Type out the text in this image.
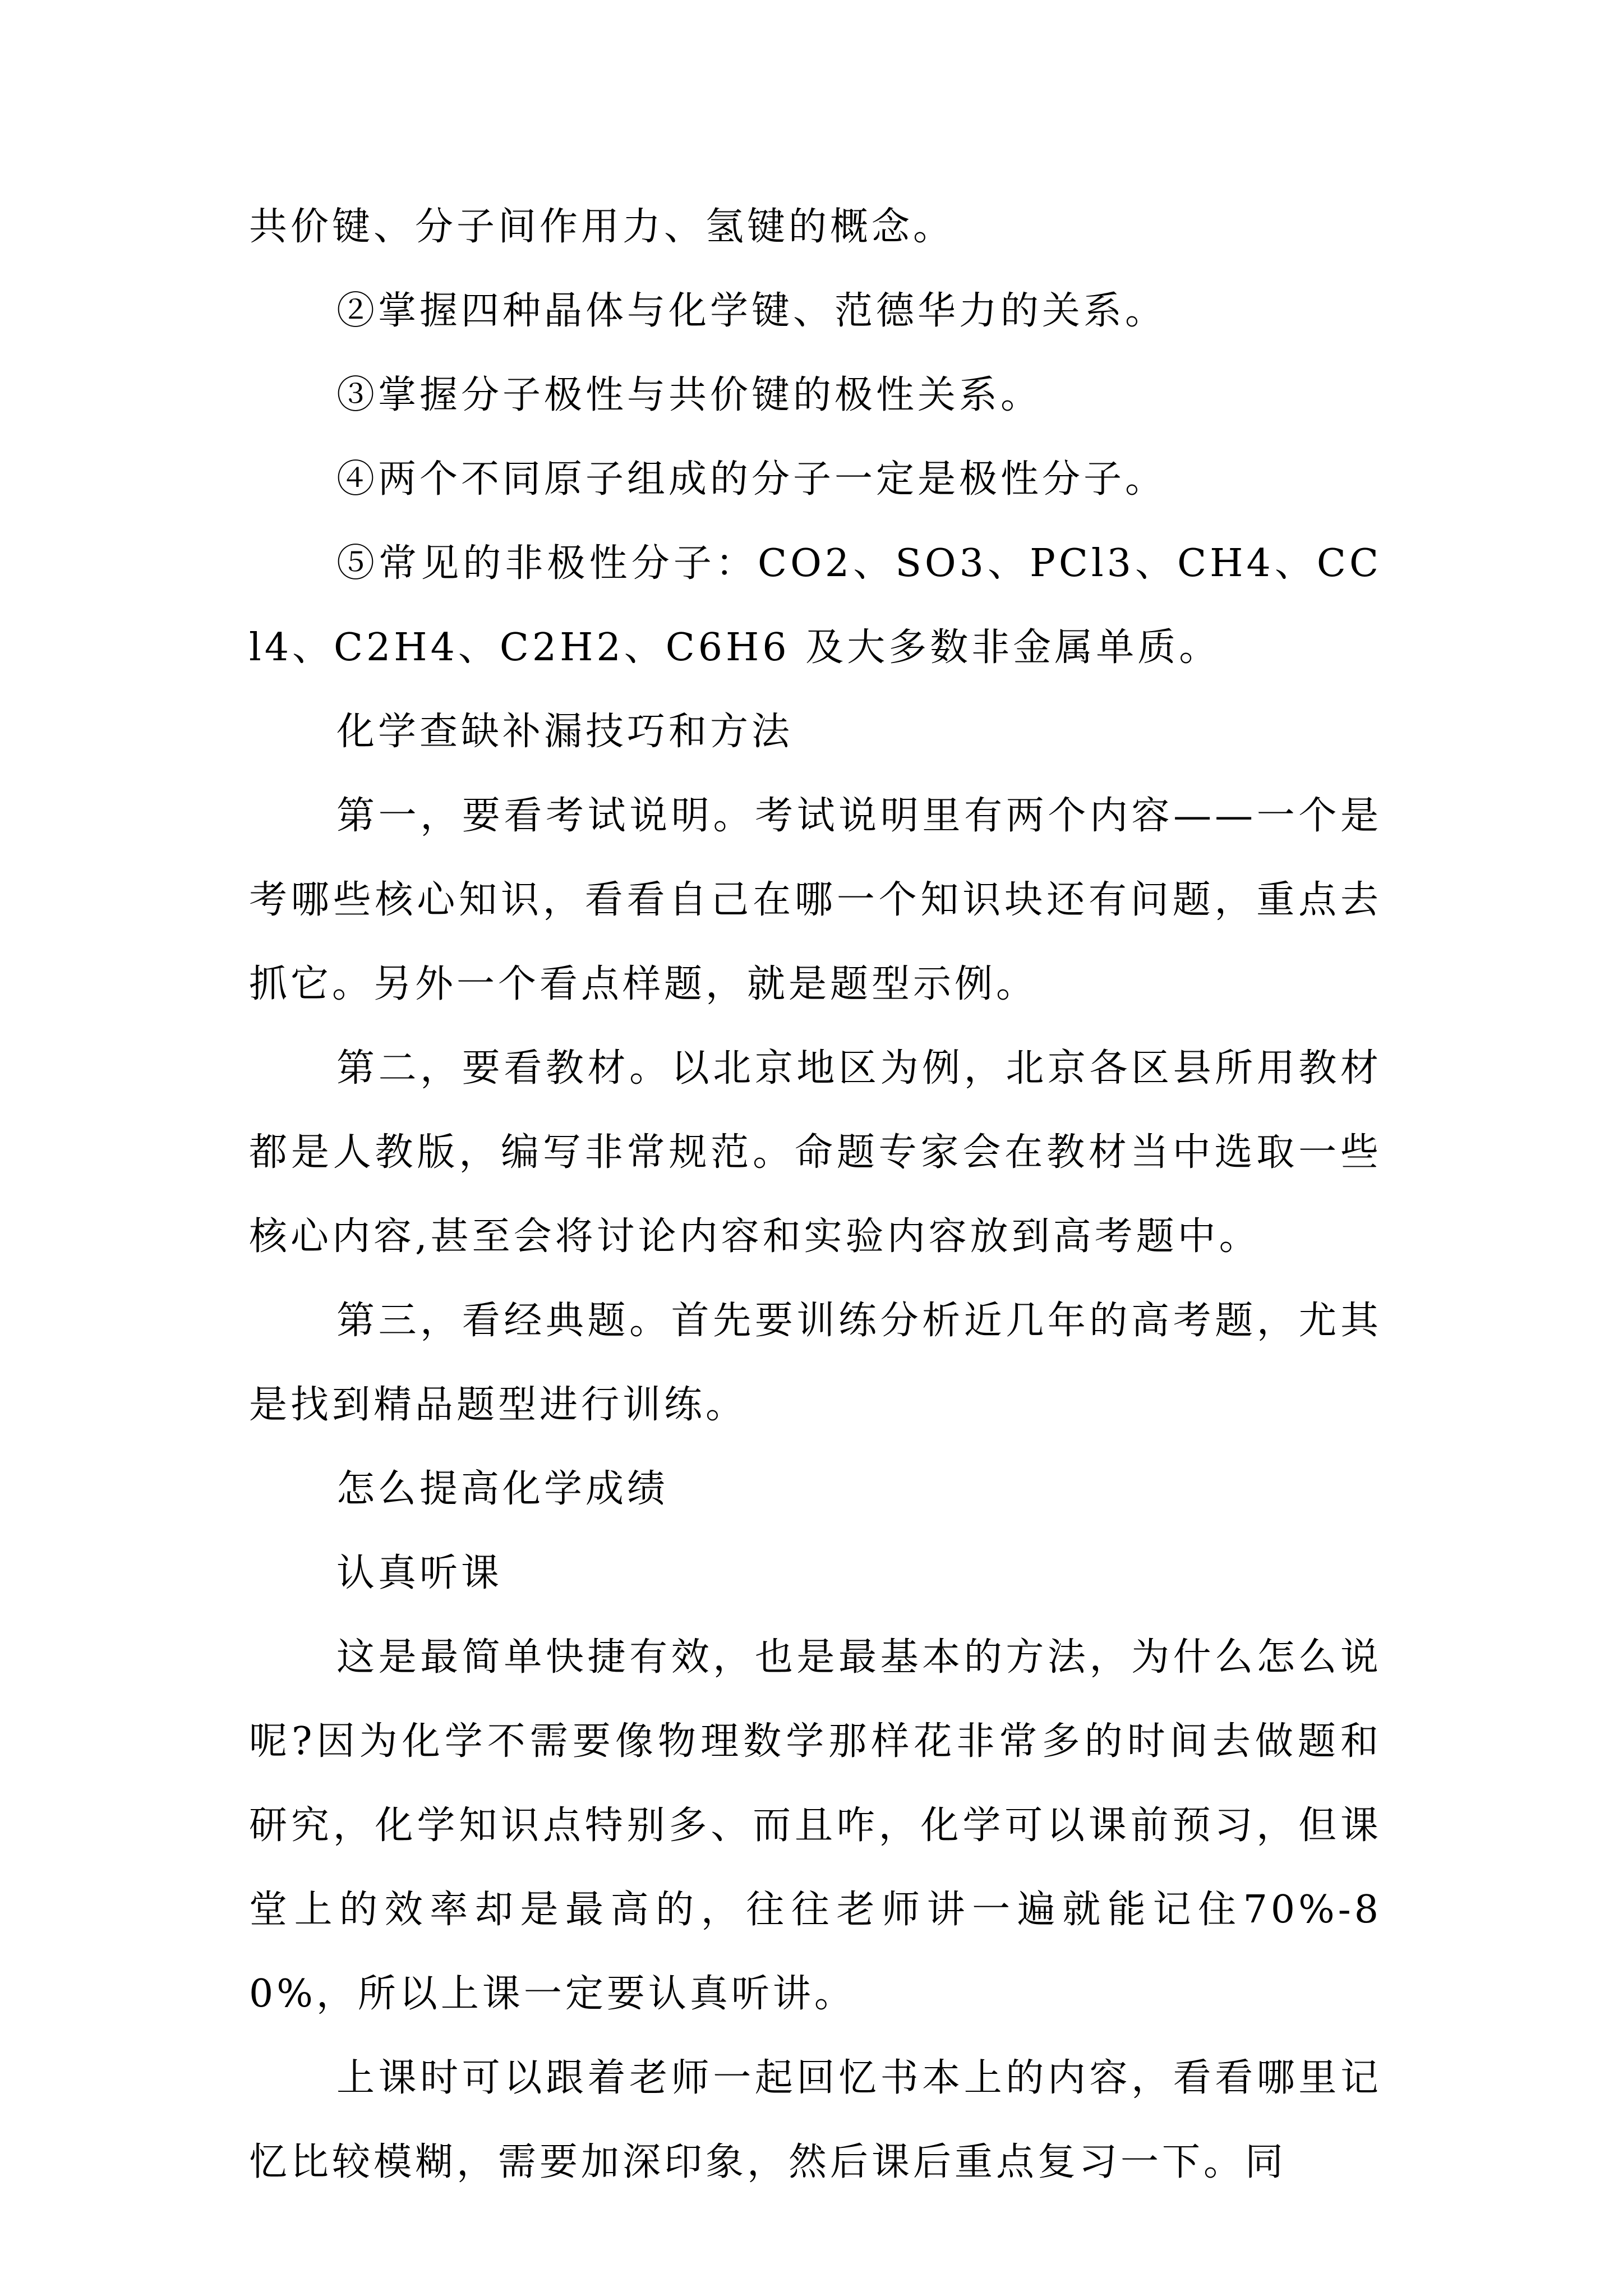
共价键、分子间作用力、氢键的概念。

②掌握四种晶体与化学键、范德华力的关系。

③掌握分子极性与共价键的极性关系。

④两个不同原子组成的分子一定是极性分子。

⑤常见的非极性分子：CO2、SO3、PCl3、CH4、CCl4、C2H4、C2H2、C6H6 及大多数非金属单质。

化学查缺补漏技巧和方法

第一，要看考试说明。考试说明里有两个内容——一个是考哪些核心知识，看看自己在哪一个知识块还有问题，重点去抓它。另外一个看点样题，就是题型示例。

第二，要看教材。以北京地区为例，北京各区县所用教材都是人教版，编写非常规范。命题专家会在教材当中选取一些核心内容,甚至会将讨论内容和实验内容放到高考题中。

第三，看经典题。首先要训练分析近几年的高考题，尤其是找到精品题型进行训练。

怎么提高化学成绩

认真听课

这是最简单快捷有效，也是最基本的方法，为什么怎么说呢?因为化学不需要像物理数学那样花非常多的时间去做题和研究，化学知识点特别多、而且咋，化学可以课前预习，但课堂上的效率却是最高的，往往老师讲一遍就能记住70%-80%，所以上课一定要认真听讲。

上课时可以跟着老师一起回忆书本上的内容，看看哪里记忆比较模糊，需要加深印象，然后课后重点复习一下。同
